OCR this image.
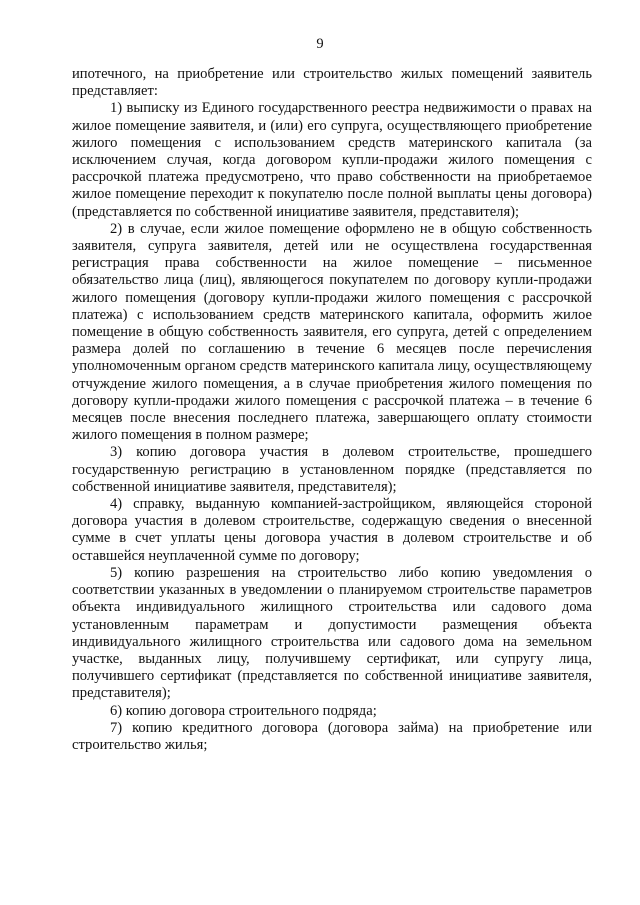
9

ипотечного, на приобретение или строительство жилых помещений заявитель представляет:

1) выписку из Единого государственного реестра недвижимости о правах на жилое помещение заявителя, и (или) его супруга, осуществляющего приобретение жилого помещения с использованием средств материнского капитала (за исключением случая, когда договором купли-продажи жилого помещения с рассрочкой платежа предусмотрено, что право собственности на приобретаемое жилое помещение переходит к покупателю после полной выплаты цены договора) (представляется по собственной инициативе заявителя, представителя);

2) в случае, если жилое помещение оформлено не в общую собственность заявителя, супруга заявителя, детей или не осуществлена государственная регистрация права собственности на жилое помещение – письменное обязательство лица (лиц), являющегося покупателем по договору купли-продажи жилого помещения (договору купли-продажи жилого помещения с рассрочкой платежа) с использованием средств материнского капитала, оформить жилое помещение в общую собственность заявителя, его супруга, детей с определением размера долей по соглашению в течение 6 месяцев после перечисления уполномоченным органом средств материнского капитала лицу, осуществляющему отчуждение жилого помещения, а в случае приобретения жилого помещения по договору купли-продажи жилого помещения с рассрочкой платежа – в течение 6 месяцев после внесения последнего платежа, завершающего оплату стоимости жилого помещения в полном размере;

3) копию договора участия в долевом строительстве, прошедшего государственную регистрацию в установленном порядке (представляется по собственной инициативе заявителя, представителя);

4) справку, выданную компанией-застройщиком, являющейся стороной договора участия в долевом строительстве, содержащую сведения о внесенной сумме в счет уплаты цены договора участия в долевом строительстве и об оставшейся неуплаченной сумме по договору;

5) копию разрешения на строительство либо копию уведомления о соответствии указанных в уведомлении о планируемом строительстве параметров объекта индивидуального жилищного строительства или садового дома установленным параметрам и допустимости размещения объекта индивидуального жилищного строительства или садового дома на земельном участке, выданных лицу, получившему сертификат, или супругу лица, получившего сертификат (представляется по собственной инициативе заявителя, представителя);

6) копию договора строительного подряда;

7) копию кредитного договора (договора займа) на приобретение или строительство жилья;
